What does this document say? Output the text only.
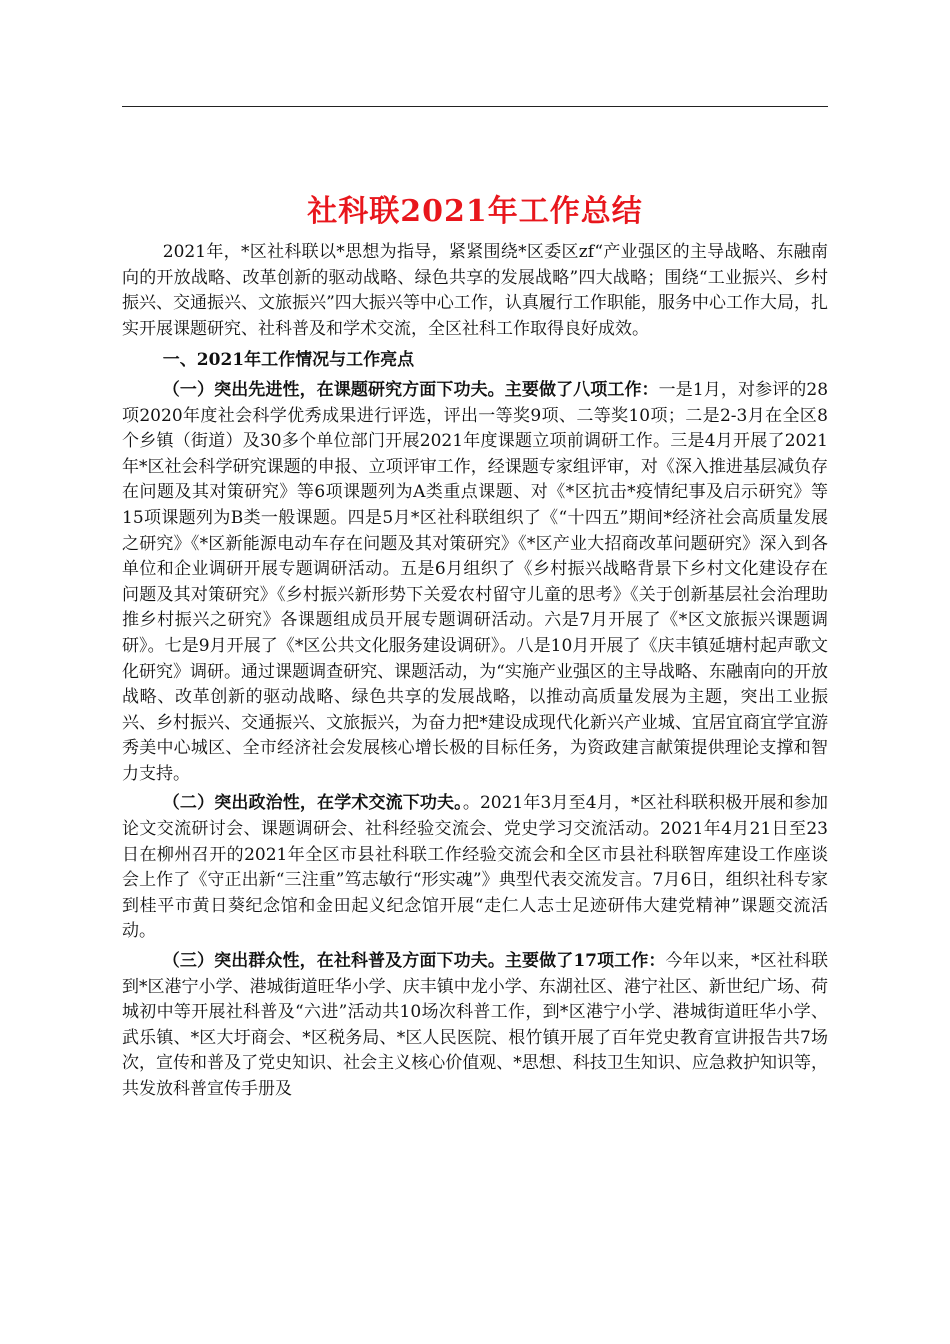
社科联2021年工作总结

2021年，*区社科联以*思想为指导，紧紧围绕*区委区zf“产业强区的主导战略、东融南向的开放战略、改革创新的驱动战略、绿色共享的发展战略”四大战略；围绕“工业振兴、乡村振兴、交通振兴、文旅振兴”四大振兴等中心工作，认真履行工作职能，服务中心工作大局，扎实开展课题研究、社科普及和学术交流，全区社科工作取得良好成效。

一、2021年工作情况与工作亮点

（一）突出先进性，在课题研究方面下功夫。主要做了八项工作：一是1月，对参评的28项2020年度社会科学优秀成果进行评选，评出一等奖9项、二等奖10项；二是2-3月在全区8个乡镇（街道）及30多个单位部门开展2021年度课题立项前调研工作。三是4月开展了2021年*区社会科学研究课题的申报、立项评审工作，经课题专家组评审，对《深入推进基层减负存在问题及其对策研究》等6项课题列为A类重点课题、对《*区抗击*疫情纪事及启示研究》等15项课题列为B类一般课题。四是5月*区社科联组织了《“十四五”期间*经济社会高质量发展之研究》《*区新能源电动车存在问题及其对策研究》《*区产业大招商改革问题研究》深入到各单位和企业调研开展专题调研活动。五是6月组织了《乡村振兴战略背景下乡村文化建设存在问题及其对策研究》《乡村振兴新形势下关爱农村留守儿童的思考》《关于创新基层社会治理助推乡村振兴之研究》各课题组成员开展专题调研活动。六是7月开展了《*区文旅振兴课题调研》。七是9月开展了《*区公共文化服务建设调研》。八是10月开展了《庆丰镇延塘村起声歌文化研究》调研。通过课题调查研究、课题活动，为“实施产业强区的主导战略、东融南向的开放战略、改革创新的驱动战略、绿色共享的发展战略，以推动高质量发展为主题，突出工业振兴、乡村振兴、交通振兴、文旅振兴，为奋力把*建设成现代化新兴产业城、宜居宜商宜学宜游秀美中心城区、全市经济社会发展核心增长极的目标任务，为资政建言献策提供理论支撑和智力支持。

（二）突出政治性，在学术交流下功夫。。2021年3月至4月，*区社科联积极开展和参加论文交流研讨会、课题调研会、社科经验交流会、党史学习交流活动。2021年4月21日至23日在柳州召开的2021年全区市县社科联工作经验交流会和全区市县社科联智库建设工作座谈会上作了《守正出新“三注重”笃志敏行“形实魂”》典型代表交流发言。7月6日，组织社科专家到桂平市黄日葵纪念馆和金田起义纪念馆开展“走仁人志士足迹研伟大建党精神”课题交流活动。

（三）突出群众性，在社科普及方面下功夫。主要做了17项工作：今年以来，*区社科联到*区港宁小学、港城街道旺华小学、庆丰镇中龙小学、东湖社区、港宁社区、新世纪广场、荷城初中等开展社科普及“六进”活动共10场次科普工作，到*区港宁小学、港城街道旺华小学、武乐镇、*区大圩商会、*区税务局、*区人民医院、根竹镇开展了百年党史教育宣讲报告共7场次，宣传和普及了党史知识、社会主义核心价值观、*思想、科技卫生知识、应急救护知识等，共发放科普宣传手册及
